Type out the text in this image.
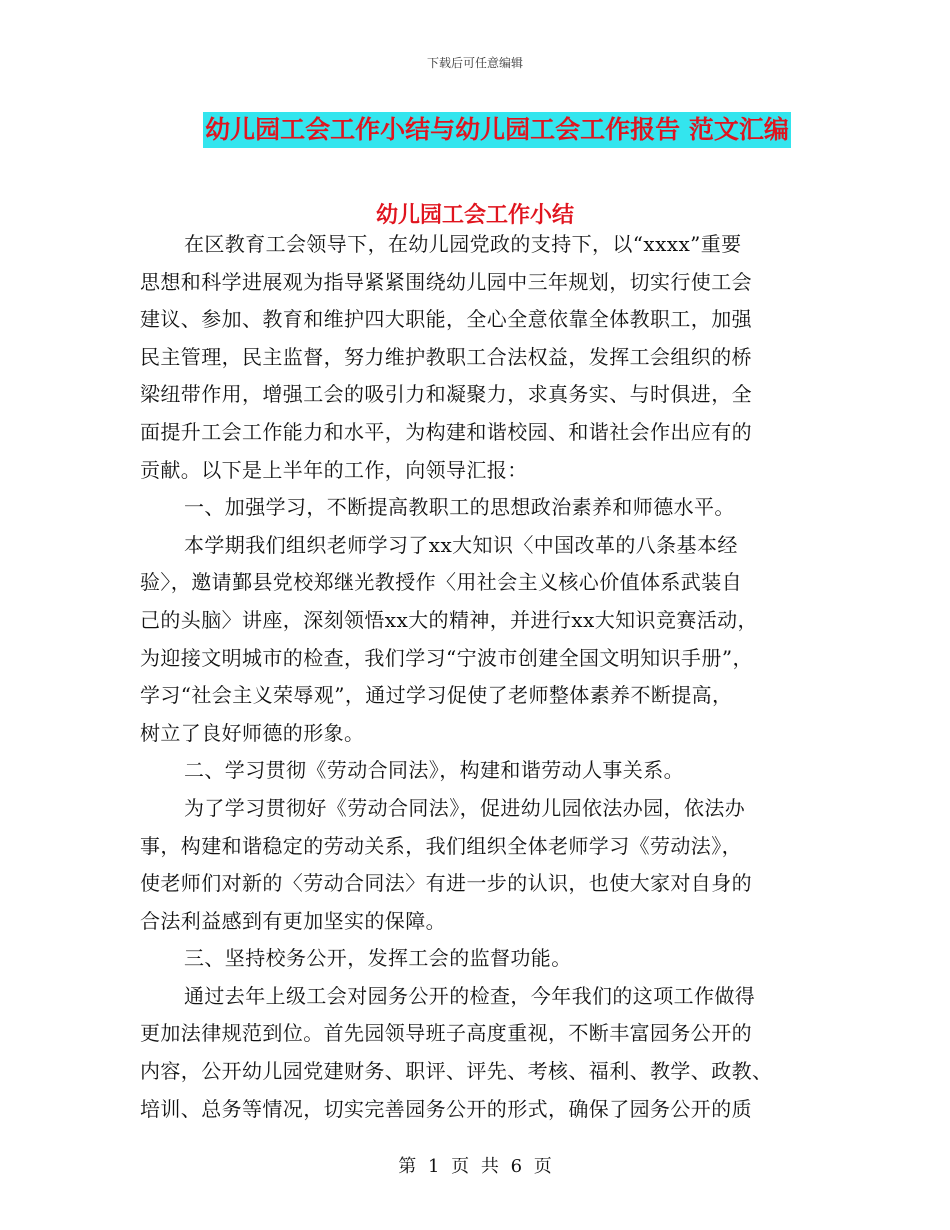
下载后可任意编辑
幼儿园工会工作小结与幼儿园工会工作报告 范文汇编
幼儿园工会工作小结
在区教育工会领导下，在幼儿园党政的支持下，以“xxxx”重要
思想和科学进展观为指导紧紧围绕幼儿园中三年规划，切实行使工会
建议、参加、教育和维护四大职能，全心全意依靠全体教职工，加强
民主管理，民主监督，努力维护教职工合法权益，发挥工会组织的桥
梁纽带作用，增强工会的吸引力和凝聚力，求真务实、与时俱进，全
面提升工会工作能力和水平，为构建和谐校园、和谐社会作出应有的
贡献。以下是上半年的工作，向领导汇报：
一、加强学习，不断提高教职工的思想政治素养和师德水平。
本学期我们组织老师学习了xx大知识〈中国改革的八条基本经
验〉，邀请鄞县党校郑继光教授作〈用社会主义核心价值体系武装自
己的头脑〉讲座，深刻领悟xx大的精神，并进行xx大知识竞赛活动，
为迎接文明城市的检查，我们学习“宁波市创建全国文明知识手册”，
学习“社会主义荣辱观”，通过学习促使了老师整体素养不断提高，
树立了良好师德的形象。
二、学习贯彻《劳动合同法》，构建和谐劳动人事关系。
为了学习贯彻好《劳动合同法》，促进幼儿园依法办园，依法办
事，构建和谐稳定的劳动关系，我们组织全体老师学习《劳动法》，
使老师们对新的〈劳动合同法〉有进一步的认识，也使大家对自身的
合法利益感到有更加坚实的保障。
三、坚持校务公开，发挥工会的监督功能。
通过去年上级工会对园务公开的检查，今年我们的这项工作做得
更加法律规范到位。首先园领导班子高度重视，不断丰富园务公开的
内容，公开幼儿园党建财务、职评、评先、考核、福利、教学、政教、
培训、总务等情况，切实完善园务公开的形式，确保了园务公开的质
第 1 页 共 6 页
